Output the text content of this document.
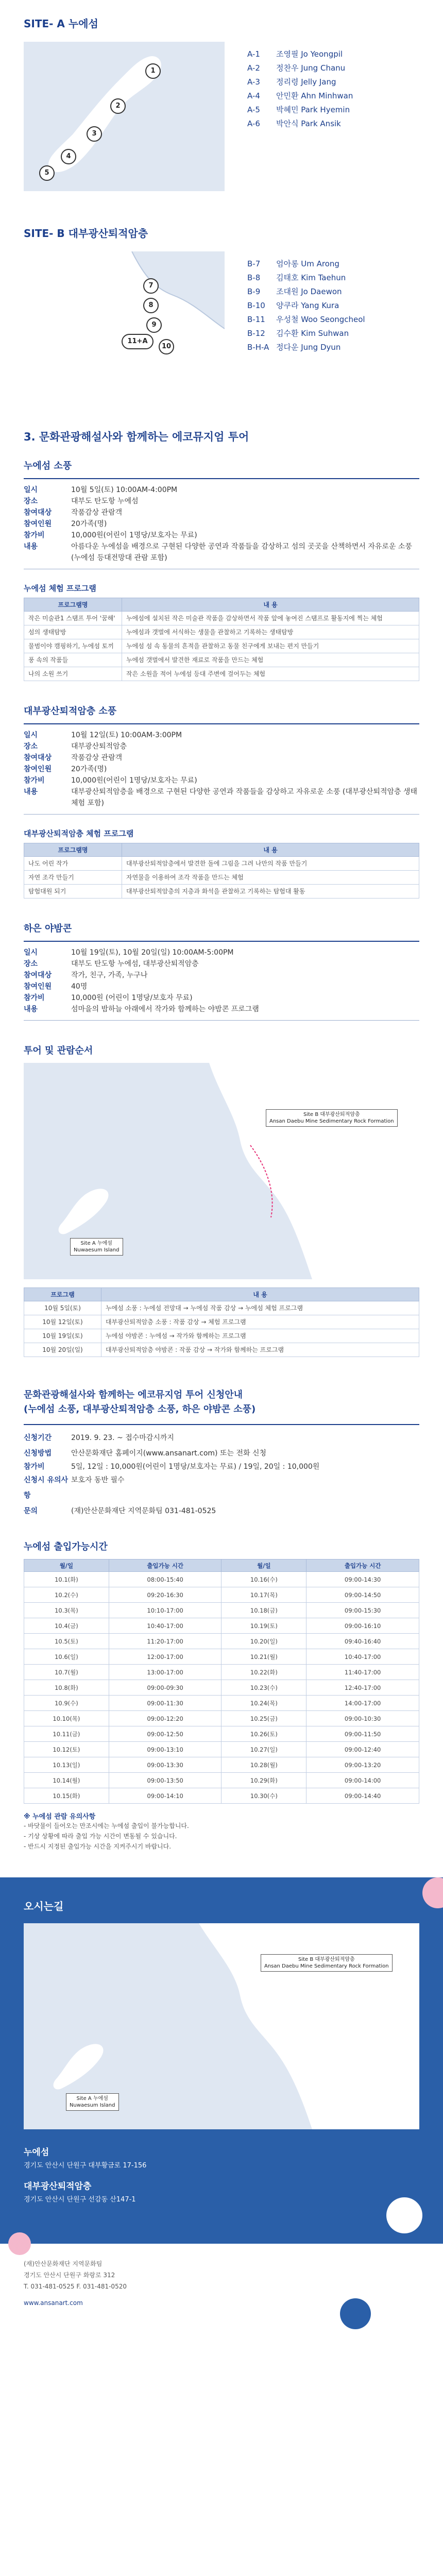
SITE- A 누에섬
1
2
3
4
5
A-1	조영필 Jo Yeongpil
A-2	정찬우 Jung Chanu
A-3	정리령 Jelly Jang
A-4	안민환 Ahn Minhwan
A-5	박혜민 Park Hyemin
A-6	박안식 Park Ansik
SITE- B 대부광산퇴적암층
7
8
9
11+A
10
B-7	엄아롱 Um Arong
B-8	김태호 Kim Taehun
B-9	조대원 Jo Daewon
B-10	양쿠라 Yang Kura
B-11	우성철 Woo Seongcheol
B-12	김수환 Kim Suhwan
B-H-A 정다운 Jung Dyun
3. 문화관광해설사와 함께하는 에코뮤지엄 투어
누에섬 소풍
일시	10월 5일(토) 10:00AM-4:00PM
장소	대부도 탄도항 누에섬
참여대상	작품감상 관람객
참여인원	20가족(명)
참가비	10,000원(어린이 1명당/보호자는 무료)
내용	아름다운 누에섬을 배경으로 구현된 다양한 공연과 작품들을 감상하고 섬의 곳곳을 산책하면서 자유로운 소풍 (누에섬 등대전망대 관람 포함)
누에섬 체험 프로그램
프로그램명	내 용
작은 미술관1 스탬프 투어 '꿈해'	누에섬에 설치된 작은 미술관 작품을 감상하면서 작품 앞에 놓여진 스탬프로 활동지에 찍는 체험
섬의 생태탐방	누에섬과 갯벌에 서식하는 생물을 관찰하고 기록하는 생태탐방
물범이야 캠핑하기, 누에섬 토끼	누에섬 섬 속 동물의 흔적을 관찰하고 동물 친구에게 보내는 편지 만들기
풍 속의 작품들	누에섬 갯벌에서 발견한 재료로 작품을 만드는 체험
나의 소원 쓰기	작은 소원을 적어 누에섬 등대 주변에 걸어두는 체험
대부광산퇴적암층 소풍
일시	10월 12일(토) 10:00AM-3:00PM
장소	대부광산퇴적암층
참여대상	작품감상 관람객
참여인원	20가족(명)
참가비	10,000원(어린이 1명당/보호자는 무료)
내용	대부광산퇴적암층을 배경으로 구현된 다양한 공연과 작품들을 감상하고 자유로운 소풍 (대부광산퇴적암층 생태체험 포함)
대부광산퇴적암층 체험 프로그램
프로그램명	내 용
나도 어린 작가	대부광산퇴적암층에서 발견한 돌에 그림을 그려 나만의 작품 만들기
자연 조각 만들기	자연물을 이용하여 조각 작품을 만드는 체험
탐험대원 되기	대부광산퇴적암층의 지층과 화석을 관찰하고 기록하는 탐험대 활동
하은 야밤콘
일시	10월 19일(토), 10월 20일(일) 10:00AM-5:00PM
장소	대부도 탄도항 누에섬, 대부광산퇴적암층
참여대상	작가, 친구, 가족, 누구나
참여인원	40명
참가비	10,000원 (어린이 1명당/보호자 무료)
내용	섬마을의 밤하늘 아래에서 작가와 함께하는 야밤콘 프로그램
투어 및 관람순서
Site B 대부광산퇴적암층
Ansan Daebu Mine Sedimentary Rock Formation
Site A 누에섬
Nuwaesum Island
프로그램	내 용
10월 5일(토)	누에섬 소풍 : 누에섬 전망대 → 누에섬 작품 감상 → 누에섬 체험 프로그램
10월 12일(토)	대부광산퇴적암층 소풍 : 작품 감상 → 체험 프로그램
10월 19일(토)	누에섬 야밤콘 : 누에섬 → 작가와 함께하는 프로그램
10월 20일(일)	대부광산퇴적암층 야밤콘 : 작품 감상 → 작가와 함께하는 프로그램
문화관광해설사와 함께하는 에코뮤지엄 투어 신청안내
(누에섬 소풍, 대부광산퇴적암층 소풍, 하은 야밤콘 소풍)
신청기간	2019. 9. 23. ~ 접수마감시까지
신청방법	안산문화재단 홈페이지(www.ansanart.com) 또는 전화 신청
참가비	5일, 12일 : 10,000원(어린이 1명당/보호자는 무료) / 19일, 20일 : 10,000원
신청시 유의사항
보호자 동반 필수
문의	(재)안산문화재단 지역문화팀 031-481-0525
누에섬 출입가능시간
월/일	출입가능 시간	월/일	출입가능 시간
10.1(화)	08:00-15:40	10.16(수)	09:00-14:30
10.2(수)	09:20-16:30	10.17(목)	09:00-14:50
10.3(목)	10:10-17:00	10.18(금)	09:00-15:30
10.4(금)	10:40-17:00	10.19(토)	09:00-16:10
10.5(토)	11:20-17:00	10.20(일)	09:40-16:40
10.6(일)	12:00-17:00	10.21(월)	10:40-17:00
10.7(월)	13:00-17:00	10.22(화)	11:40-17:00
10.8(화)	09:00-09:30	10.23(수)	12:40-17:00
10.9(수)	09:00-11:30	10.24(목)	14:00-17:00
10.10(목)	09:00-12:20	10.25(금)	09:00-10:30
10.11(금)	09:00-12:50	10.26(토)	09:00-11:50
10.12(토)	09:00-13:10	10.27(일)	09:00-12:40
10.13(일)	09:00-13:30	10.28(월)	09:00-13:20
10.14(월)	09:00-13:50	10.29(화)	09:00-14:00
10.15(화)	09:00-14:10	10.30(수)	09:00-14:40
※ 누에섬 관람 유의사항
- 바닷물이 들어오는 만조시에는 누에섬 출입이 불가능합니다.
- 기상 상황에 따라 출입 가능 시간이 변동될 수 있습니다.
- 반드시 지정된 출입가능 시간을 지켜주시기 바랍니다.
오시는길
Site B 대부광산퇴적암층
Ansan Daebu Mine Sedimentary Rock Formation
Site A 누에섬
Nuwaesum Island
누에섬
경기도 안산시 단원구 대부황금로 17-156
대부광산퇴적암층
경기도 안산시 단원구 선감동 산147-1
(재)안산문화재단 지역문화팀
경기도 안산시 단원구 화랑로 312
T. 031-481-0525 F. 031-481-0520
www.ansanart.com
